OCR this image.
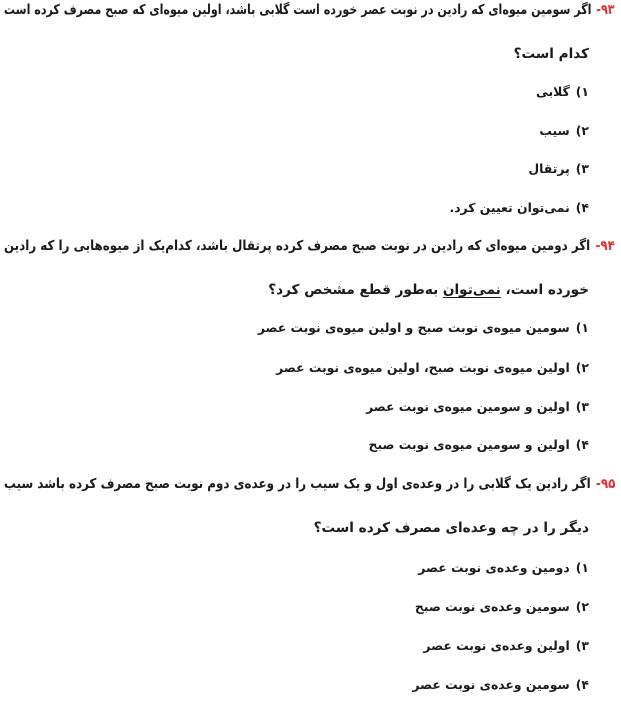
۹۳-اگر سومین میوه‌ای که رادین در نوبت عصر خورده است گلابی باشد، اولین میوه‌ای که صبح مصرف کرده است
کدام است؟
۱)گلابی
۲)سیب
۳)پرتقال
۴)نمی‌توان تعیین کرد.
۹۴-اگر دومین میوه‌ای که رادین در نوبت صبح مصرف کرده پرتقال باشد، کدام‌یک از میوه‌هایی را که رادین
خورده است، نمی‌توان به‌طور قطع مشخص کرد؟
۱)سومین میوه‌ی نوبت صبح و اولین میوه‌ی نوبت عصر
۲)اولین میوه‌ی نوبت صبح، اولین میوه‌ی نوبت عصر
۳)اولین و سومین میوه‌ی نوبت عصر
۴)اولین و سومین میوه‌ی نوبت صبح
۹۵-اگر رادین یک گلابی را در وعده‌ی اول و یک سیب را در وعده‌ی دوم نوبت صبح مصرف کرده باشد سیب
دیگر را در چه وعده‌ای مصرف کرده است؟
۱)دومین وعده‌ی نوبت عصر
۲)سومین وعده‌ی نوبت صبح
۳)اولین وعده‌ی نوبت عصر
۴)سومین وعده‌ی نوبت عصر
